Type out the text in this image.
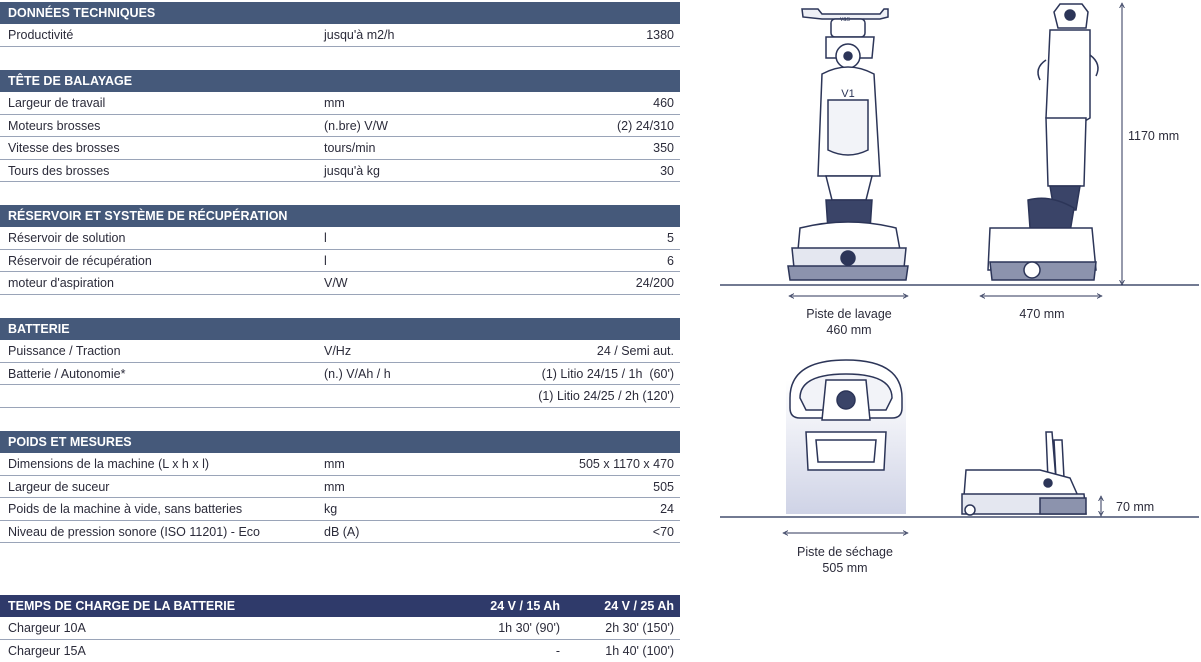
DONNÉES TECHNIQUES
Productivité	jusqu'à m2/h	1380
TÊTE DE BALAYAGE
Largeur de travail	mm	460
Moteurs brosses	(n.bre) V/W	(2) 24/310
Vitesse des brosses	tours/min	350
Tours des brosses	jusqu'à kg	30
RÉSERVOIR ET SYSTÈME DE RÉCUPÉRATION
Réservoir de solution	l	5
Réservoir de récupération	l	6
moteur d'aspiration	V/W	24/200
BATTERIE
Puissance / Traction	V/Hz	24 / Semi aut.
Batterie / Autonomie*	(n.) V/Ah / h	(1) Litio 24/15 / 1h  (60')
(1) Litio 24/25 / 2h (120')
POIDS ET MESURES
Dimensions de la machine (L x h x l)	mm	505 x 1170 x 470
Largeur de suceur	mm	505
Poids de la machine à vide, sans batteries	kg	24
Niveau de pression sonore (ISO 11201) - Eco	dB (A)	<70
TEMPS DE CHARGE DE LA BATTERIE	24 V / 15 Ah	24 V / 25 Ah
Chargeur 10A	1h 30' (90')	2h 30' (150')
Chargeur 15A	-	1h 40' (100')
V1
V&S
1170 mm
Piste de lavage
460 mm
470 mm
Piste de séchage
505 mm
70 mm
